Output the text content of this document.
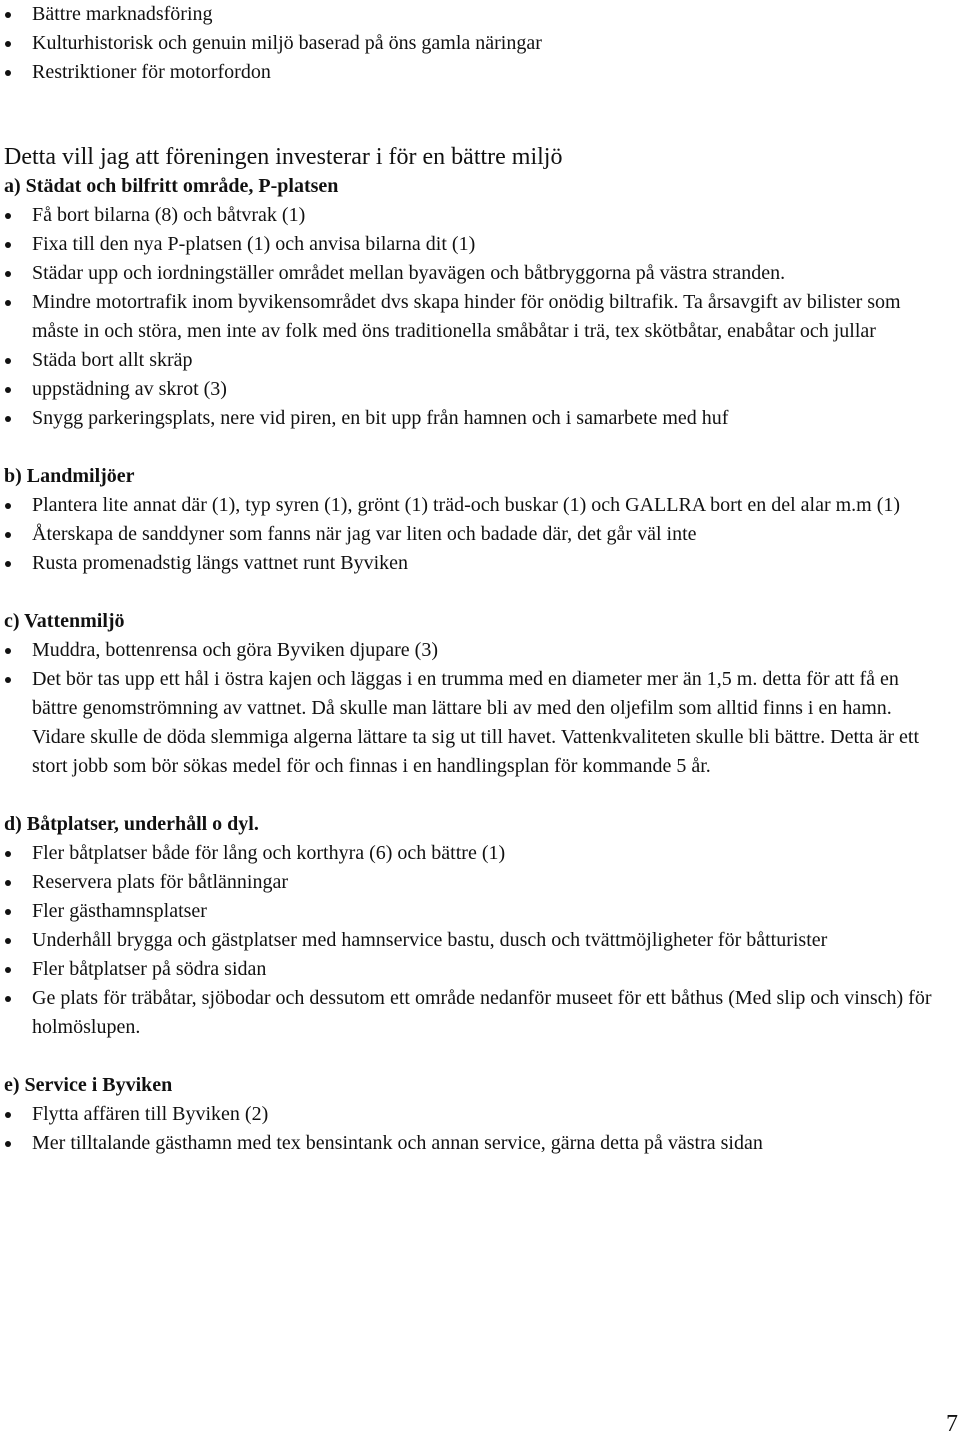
Bättre marknadsföring
Kulturhistorisk och genuin miljö baserad på öns gamla näringar
Restriktioner för motorfordon
Detta vill jag att föreningen investerar i för en bättre miljö
a) Städat och bilfritt område, P-platsen
Få bort bilarna (8) och båtvrak (1)
Fixa till den nya P-platsen (1) och anvisa bilarna dit (1)
Städar upp och iordningställer området mellan byavägen och båtbryggorna på västra stranden.
Mindre motortrafik inom byvikensområdet dvs skapa hinder för onödig biltrafik. Ta årsavgift av bilister som måste in och störa, men inte av folk med öns traditionella småbåtar i trä, tex skötbåtar, enabåtar och jullar
Städa bort allt skräp
uppstädning av skrot (3)
Snygg parkeringsplats, nere vid piren, en bit upp från hamnen och i samarbete med huf
b) Landmiljöer
Plantera lite annat där (1), typ syren (1), grönt (1) träd-och buskar (1) och GALLRA bort en del alar m.m (1)
Återskapa de sanddyner som fanns när jag var liten och badade där, det går väl inte
Rusta promenadstig längs vattnet runt Byviken
c) Vattenmiljö
Muddra, bottenrensa och göra Byviken djupare (3)
Det bör tas upp ett hål i östra kajen och läggas i en trumma med en diameter mer än 1,5 m. detta för att få en bättre genomströmning av vattnet. Då skulle man lättare bli av med den oljefilm som alltid finns i en hamn. Vidare skulle de döda slemmiga algerna lättare ta sig ut till havet. Vattenkvaliteten skulle bli bättre. Detta är ett stort jobb som bör sökas medel för och finnas i en handlingsplan för kommande 5 år.
d) Båtplatser, underhåll o dyl.
Fler båtplatser både för lång och korthyra (6) och bättre (1)
Reservera plats för båtlänningar
Fler gästhamnsplatser
Underhåll brygga och gästplatser med hamnservice bastu, dusch och tvättmöjligheter för båtturister
Fler båtplatser på södra sidan
Ge plats för träbåtar, sjöbodar och dessutom ett område nedanför museet för ett båthus (Med slip och vinsch) för holmöslupen.
e) Service i Byviken
Flytta affären till Byviken (2)
Mer tilltalande gästhamn med tex bensintank och annan service, gärna detta på västra sidan
7
